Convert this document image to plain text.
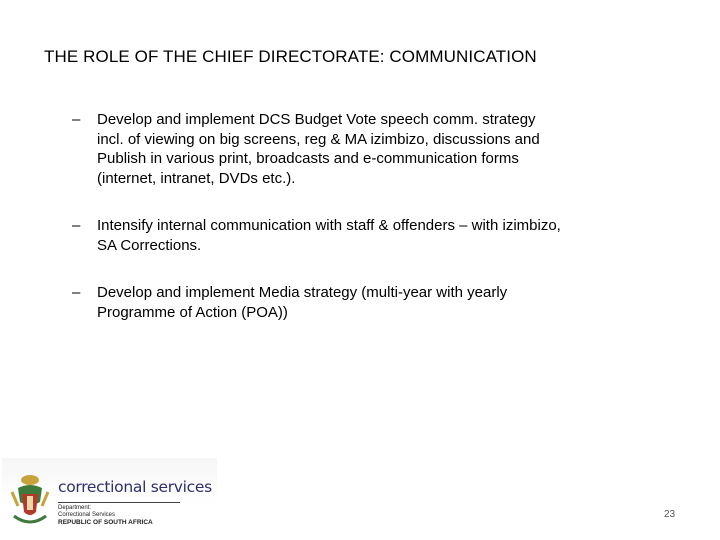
THE ROLE OF THE CHIEF DIRECTORATE: COMMUNICATION
– Develop and implement DCS Budget Vote speech comm. strategy
incl. of viewing on big screens, reg & MA izimbizo, discussions and
Publish in various print, broadcasts and e-communication forms
(internet, intranet, DVDs etc.).
– Intensify internal communication with staff & offenders – with izimbizo,
SA Corrections.
– Develop and implement Media strategy (multi-year with yearly
Programme of Action (POA))
correctional services
Department:
Correctional Services
REPUBLIC OF SOUTH AFRICA
23
